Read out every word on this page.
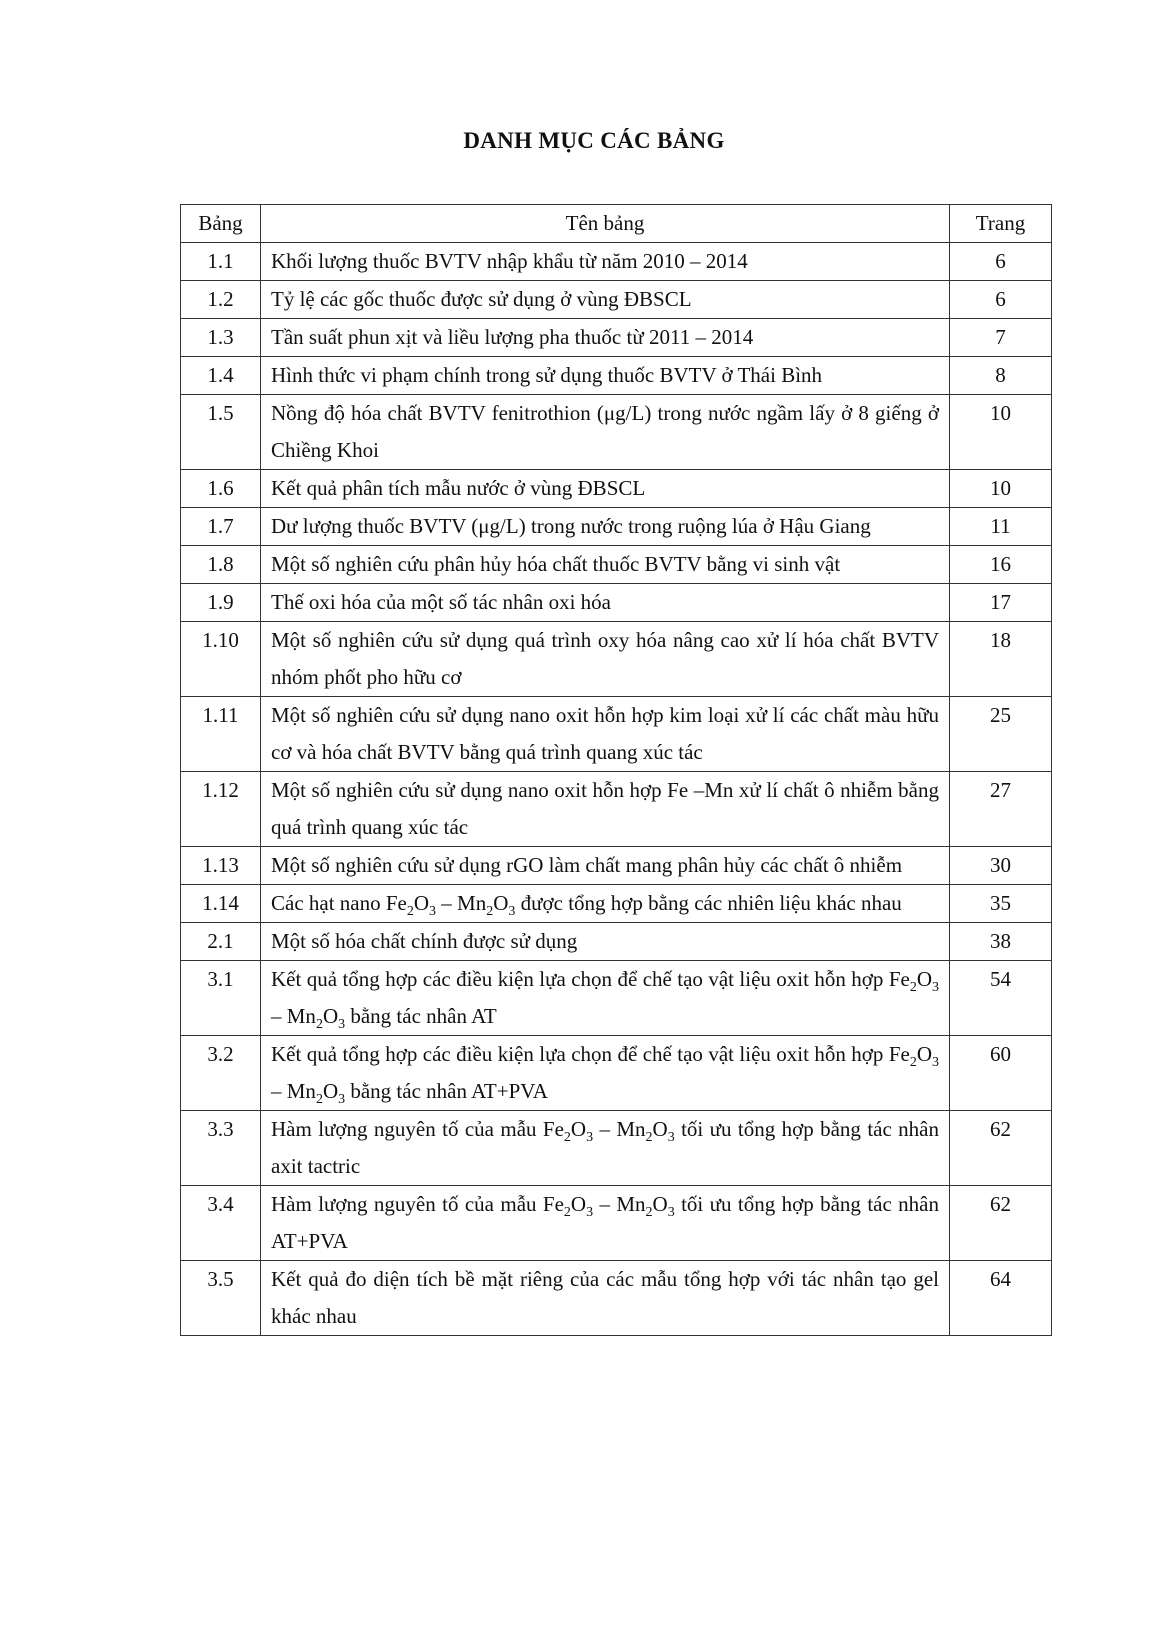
DANH MỤC CÁC BẢNG
Bảng	Tên bảng	Trang
1.1	Khối lượng thuốc BVTV nhập khẩu từ năm 2010 – 2014	6
1.2	Tỷ lệ các gốc thuốc được sử dụng ở vùng ĐBSCL	6
1.3	Tần suất phun xịt và liều lượng pha thuốc từ 2011 – 2014	7
1.4	Hình thức vi phạm chính trong sử dụng thuốc BVTV ở Thái Bình	8
1.5	Nồng độ hóa chất BVTV fenitrothion (μg/L) trong nước ngầm lấy ở 8 giếng ở Chiềng Khoi	10
1.6	Kết quả phân tích mẫu nước ở vùng ĐBSCL	10
1.7	Dư lượng thuốc BVTV (μg/L) trong nước trong ruộng lúa ở Hậu Giang	11
1.8	Một số nghiên cứu phân hủy hóa chất thuốc BVTV bằng vi sinh vật	16
1.9	Thế oxi hóa của một số tác nhân oxi hóa	17
1.10	Một số nghiên cứu sử dụng quá trình oxy hóa nâng cao xử lí hóa chất BVTV nhóm phốt pho hữu cơ	18
1.11	Một số nghiên cứu sử dụng nano oxit hỗn hợp kim loại xử lí các chất màu hữu cơ và hóa chất BVTV bằng quá trình quang xúc tác	25
1.12	Một số nghiên cứu sử dụng nano oxit hỗn hợp Fe –Mn xử lí chất ô nhiễm bằng quá trình quang xúc tác	27
1.13	Một số nghiên cứu sử dụng rGO làm chất mang phân hủy các chất ô nhiễm	30
1.14	Các hạt nano $Fe_2O_3 - Mn_2O_3$ được tổng hợp bằng các nhiên liệu khác nhau	35
2.1	Một số hóa chất chính được sử dụng	38
3.1	Kết quả tổng hợp các điều kiện lựa chọn để chế tạo vật liệu oxit hỗn hợp $Fe_2O_3 - Mn_2O_3$ bằng tác nhân AT	54
3.2	Kết quả tổng hợp các điều kiện lựa chọn để chế tạo vật liệu oxit hỗn hợp $Fe_2O_3 - Mn_2O_3$ bằng tác nhân AT+PVA	60
3.3	Hàm lượng nguyên tố của mẫu $Fe_2O_3 - Mn_2O_3$ tối ưu tổng hợp bằng tác nhân axit tactric	62
3.4	Hàm lượng nguyên tố của mẫu $Fe_2O_3 - Mn_2O_3$ tối ưu tổng hợp bằng tác nhân AT+PVA	62
3.5	Kết quả đo diện tích bề mặt riêng của các mẫu tổng hợp với tác nhân tạo gel khác nhau	64
